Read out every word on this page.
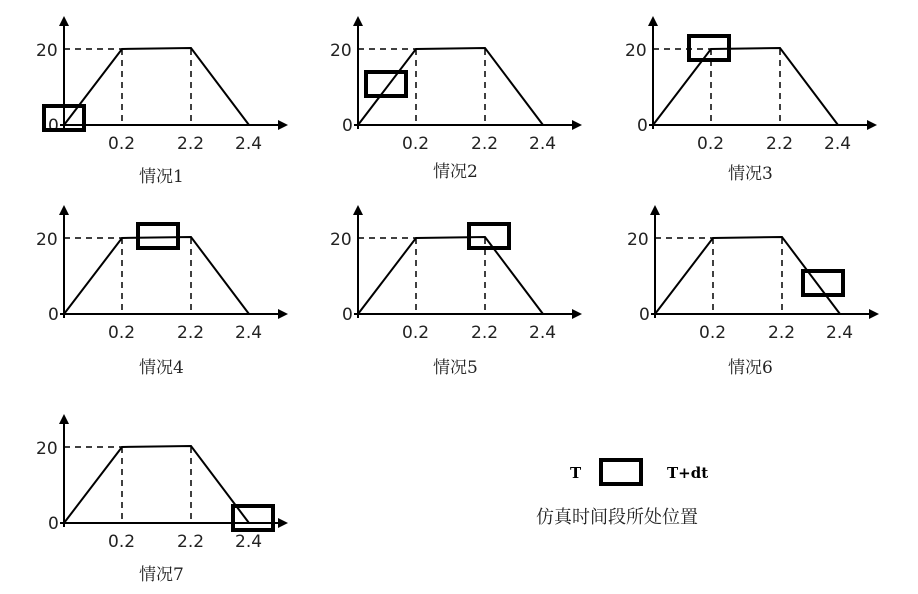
20
0
0.2 2.2 2.4
情况1
20
0
0.2 2.2 2.4
情况2
20
0
0.2 2.2 2.4
情况3
20
0
0.2 2.2 2.4
情况4
20
0
0.2 2.2 2.4
情况5
20
0
0.2 2.2 2.4
情况6
20
0
0.2 2.2 2.4
情况7
T	T+dt
仿真时间段所处位置
